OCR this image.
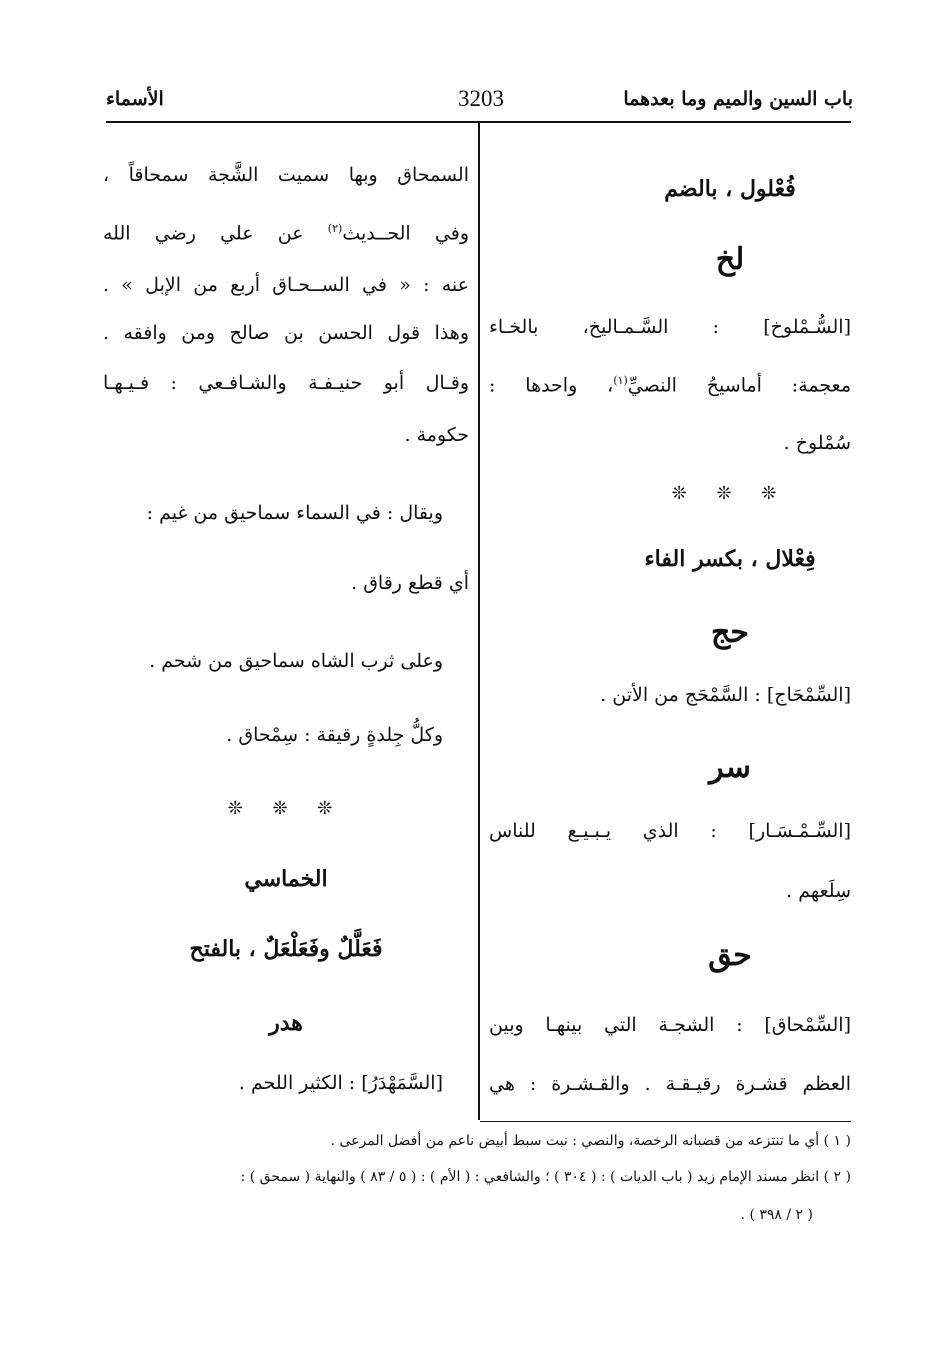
باب السين والميم وما بعدهما
3203
الأسماء
فُعْلول ، بالضم
لخ
[السُّـمْلوخ] : السَّـمـاليخ، بالخـاء
معجمة: أماسيحُ النصيِّ$^{(١)}$، واحدها :
سُمْلوخ .
❊ ❊ ❊
فِعْلال ، بكسر الفاء
حج
[السِّمْحَاج] : السَّمْحَج من الأتن .
سر
[السِّـمْـسَـار] : الذي يـبـيـع للناس
سِلَعهم .
حق
[السِّمْحاق] : الشجـة التي بينهـا وبين
العظم قشـرة رقيـقـة . والقـشـرة : هي
السمحاق وبها سميت الشَّجة سمحاقاً ،
وفي الحــديث$^{(٢)}$ عن علي رضي الله
عنه : « في الســحـاق أربع من الإبل » .
وهذا قول الحسن بن صالح ومن وافقه .
وقـال أبو حنيـفـة والشـافـعي : فـيـهـا
حكومة .
ويقال : في السماء سماحيق من غيم :
أي قطع رقاق .
وعلى ثرب الشاه سماحيق من شحم .
وكلُّ جِلدةٍ رقيقة : سِمْحاق .
❊ ❊ ❊
الخماسي
فَعَلَّلٌ وفَعَلْعَلٌ ، بالفتح
هدر
[السَّمَهْدَرُ] : الكثير اللحم .
( ١ ) أي ما تنتزعه من قضبانه الرخصة، والنصي : نبت سبط أبيض ناعم من أفضل المرعى .
( ٢ ) انظر مسند الإمام زيد ( باب الديات ) : ( ٣٠٤ ) ؛ والشافعي : ( الأم ) : ( ٥ / ٨٣ ) والنهاية ( سمحق ) :
( ٢ / ٣٩٨ ) .
